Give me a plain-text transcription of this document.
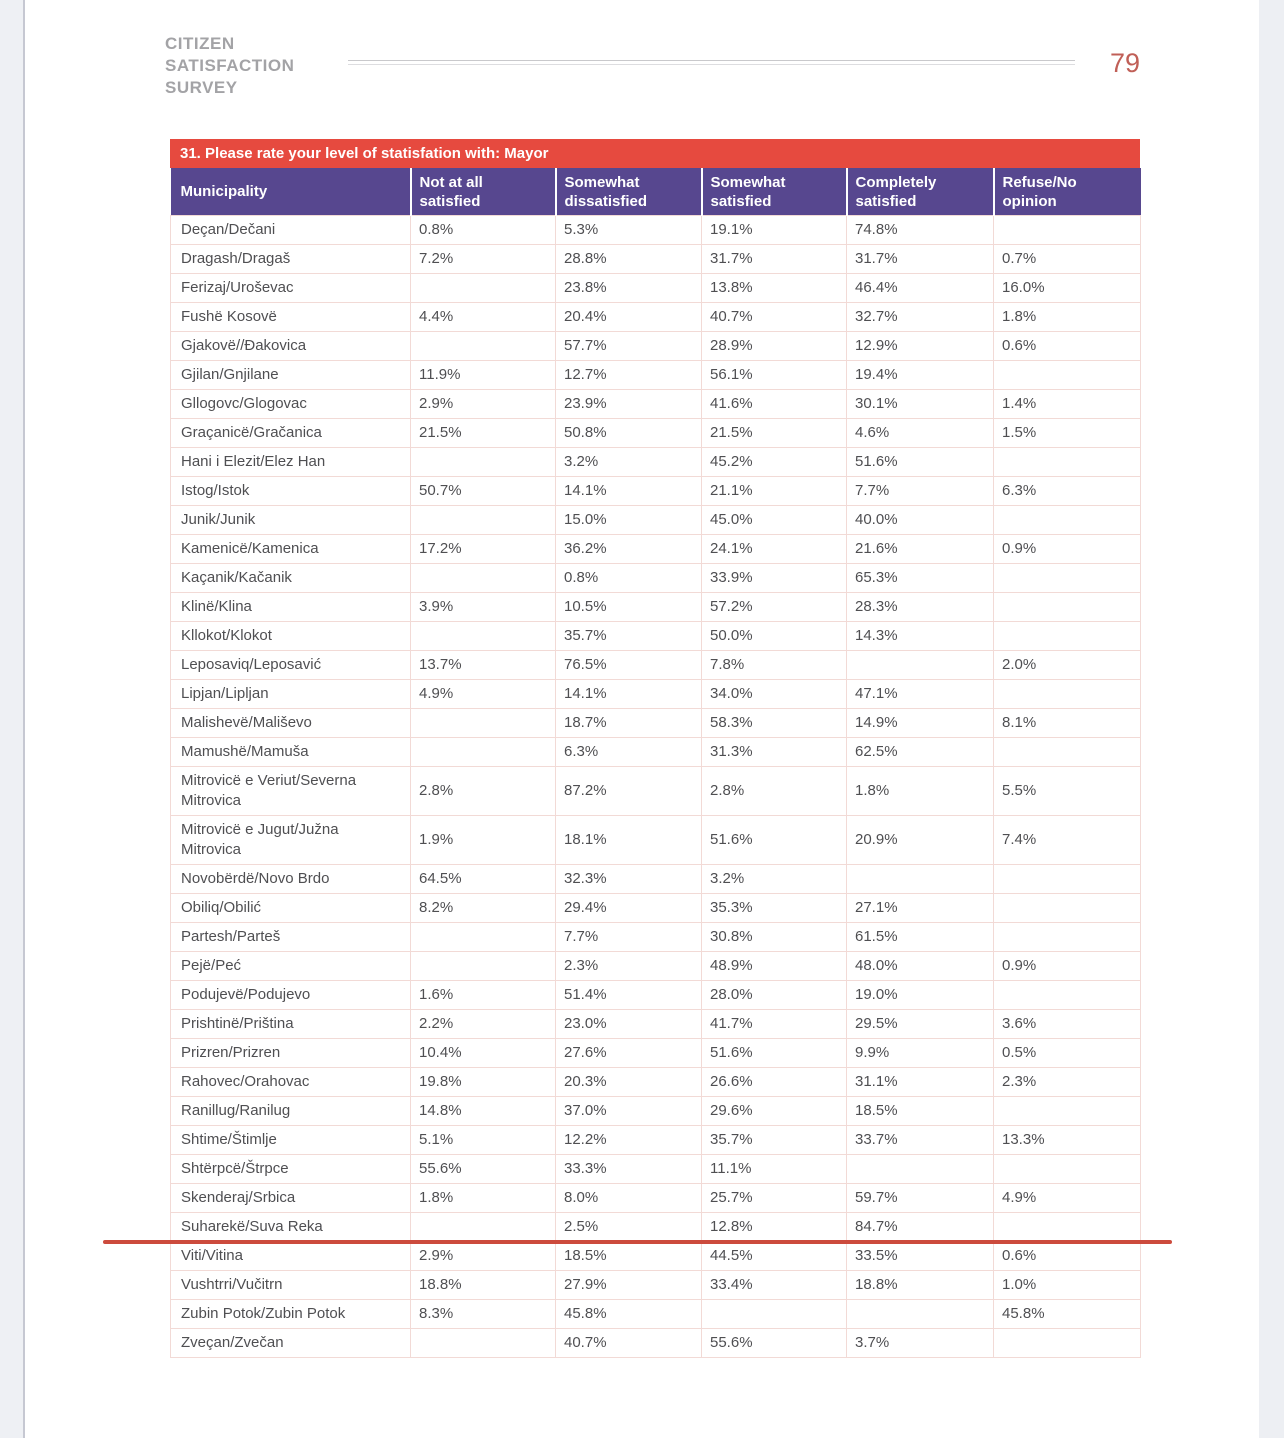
CITIZEN
SATISFACTION
SURVEY
79
31. Please rate your level of statisfation with: Mayor
Municipality	Not at all satisfied	Somewhat dissatisfied	Somewhat satisfied	Completely satisfied	Refuse/No opinion
Deçan/Dečani	0.8%	5.3%	19.1%	74.8%	
Dragash/Dragaš	7.2%	28.8%	31.7%	31.7%	0.7%
Ferizaj/Uroševac		23.8%	13.8%	46.4%	16.0%
Fushë Kosovë	4.4%	20.4%	40.7%	32.7%	1.8%
Gjakovë//Đakovica		57.7%	28.9%	12.9%	0.6%
Gjilan/Gnjilane	11.9%	12.7%	56.1%	19.4%	
Gllogovc/Glogovac	2.9%	23.9%	41.6%	30.1%	1.4%
Graçanicë/Gračanica	21.5%	50.8%	21.5%	4.6%	1.5%
Hani i Elezit/Elez Han		3.2%	45.2%	51.6%	
Istog/Istok	50.7%	14.1%	21.1%	7.7%	6.3%
Junik/Junik		15.0%	45.0%	40.0%	
Kamenicë/Kamenica	17.2%	36.2%	24.1%	21.6%	0.9%
Kaçanik/Kačanik		0.8%	33.9%	65.3%	
Klinë/Klina	3.9%	10.5%	57.2%	28.3%	
Kllokot/Klokot		35.7%	50.0%	14.3%	
Leposaviq/Leposavić	13.7%	76.5%	7.8%		2.0%
Lipjan/Lipljan	4.9%	14.1%	34.0%	47.1%	
Malishevë/Mališevo		18.7%	58.3%	14.9%	8.1%
Mamushë/Mamuša		6.3%	31.3%	62.5%	
Mitrovicë e Veriut/Severna Mitrovica	2.8%	87.2%	2.8%	1.8%	5.5%
Mitrovicë e Jugut/Južna Mitrovica	1.9%	18.1%	51.6%	20.9%	7.4%
Novobërdë/Novo Brdo	64.5%	32.3%	3.2%		
Obiliq/Obilić	8.2%	29.4%	35.3%	27.1%	
Partesh/Parteš		7.7%	30.8%	61.5%	
Pejë/Peć		2.3%	48.9%	48.0%	0.9%
Podujevë/Podujevo	1.6%	51.4%	28.0%	19.0%	
Prishtinë/Priština	2.2%	23.0%	41.7%	29.5%	3.6%
Prizren/Prizren	10.4%	27.6%	51.6%	9.9%	0.5%
Rahovec/Orahovac	19.8%	20.3%	26.6%	31.1%	2.3%
Ranillug/Ranilug	14.8%	37.0%	29.6%	18.5%	
Shtime/Štimlje	5.1%	12.2%	35.7%	33.7%	13.3%
Shtërpcë/Štrpce	55.6%	33.3%	11.1%		
Skenderaj/Srbica	1.8%	8.0%	25.7%	59.7%	4.9%
Suharekë/Suva Reka		2.5%	12.8%	84.7%	
Viti/Vitina	2.9%	18.5%	44.5%	33.5%	0.6%
Vushtrri/Vučitrn	18.8%	27.9%	33.4%	18.8%	1.0%
Zubin Potok/Zubin Potok	8.3%	45.8%			45.8%
Zveçan/Zvečan		40.7%	55.6%	3.7%	
